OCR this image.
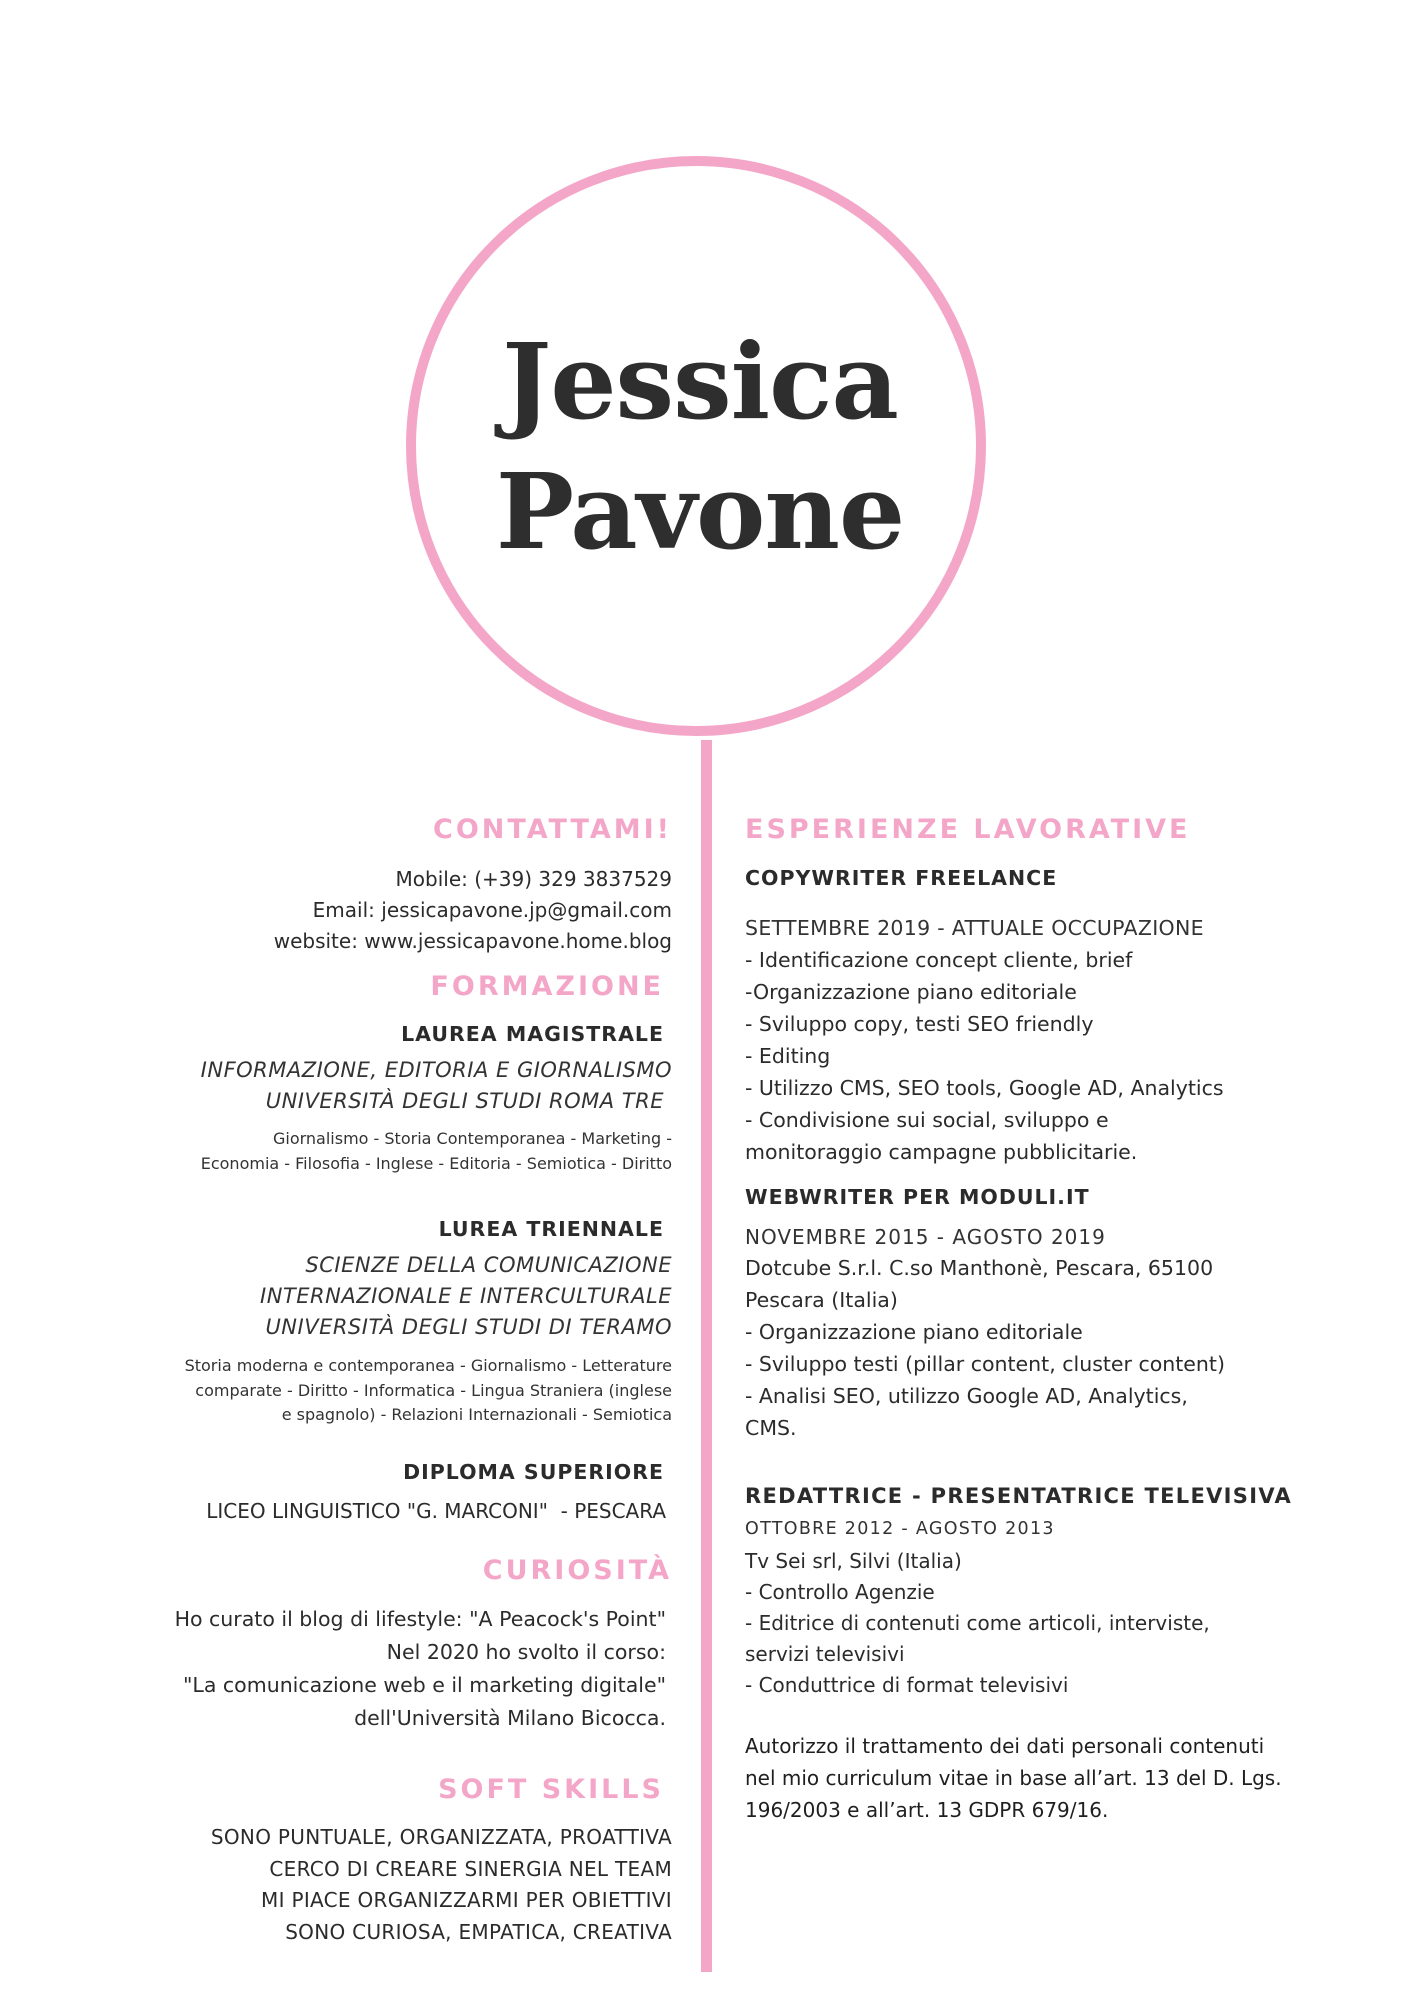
Jessica
Pavone
CONTATTAMI!
Mobile: (+39) 329 3837529
Email: jessicapavone.jp@gmail.com
website: www.jessicapavone.home.blog
FORMAZIONE
LAUREA MAGISTRALE
INFORMAZIONE, EDITORIA E GIORNALISMO
UNIVERSITÀ DEGLI STUDI ROMA TRE
Giornalismo - Storia Contemporanea - Marketing -
Economia - Filosofia - Inglese - Editoria - Semiotica - Diritto
LUREA TRIENNALE
SCIENZE DELLA COMUNICAZIONE
INTERNAZIONALE E INTERCULTURALE
UNIVERSITÀ DEGLI STUDI DI TERAMO
Storia moderna e contemporanea - Giornalismo - Letterature
comparate - Diritto - Informatica - Lingua Straniera (inglese
e spagnolo) - Relazioni Internazionali - Semiotica
DIPLOMA SUPERIORE
LICEO LINGUISTICO "G. MARCONI"  - PESCARA
CURIOSITÀ
Ho curato il blog di lifestyle: "A Peacock's Point"
Nel 2020 ho svolto il corso:
"La comunicazione web e il marketing digitale"
dell'Università Milano Bicocca.
SOFT SKILLS
SONO PUNTUALE, ORGANIZZATA, PROATTIVA
CERCO DI CREARE SINERGIA NEL TEAM
MI PIACE ORGANIZZARMI PER OBIETTIVI
SONO CURIOSA, EMPATICA, CREATIVA
ESPERIENZE LAVORATIVE
COPYWRITER FREELANCE
SETTEMBRE 2019 - ATTUALE OCCUPAZIONE
- Identificazione concept cliente, brief
-Organizzazione piano editoriale
- Sviluppo copy, testi SEO friendly
- Editing
- Utilizzo CMS, SEO tools, Google AD, Analytics
- Condivisione sui social, sviluppo e
monitoraggio campagne pubblicitarie.
WEBWRITER PER MODULI.IT
NOVEMBRE 2015 - AGOSTO 2019
Dotcube S.r.l. C.so Manthonè, Pescara, 65100
Pescara (Italia)
- Organizzazione piano editoriale
- Sviluppo testi (pillar content, cluster content)
- Analisi SEO, utilizzo Google AD, Analytics,
CMS.
REDATTRICE - PRESENTATRICE TELEVISIVA
OTTOBRE 2012 - AGOSTO 2013
Tv Sei srl, Silvi (Italia)
- Controllo Agenzie
- Editrice di contenuti come articoli, interviste,
servizi televisivi
- Conduttrice di format televisivi
Autorizzo il trattamento dei dati personali contenuti
nel mio curriculum vitae in base all’art. 13 del D. Lgs.
196/2003 e all’art. 13 GDPR 679/16.
